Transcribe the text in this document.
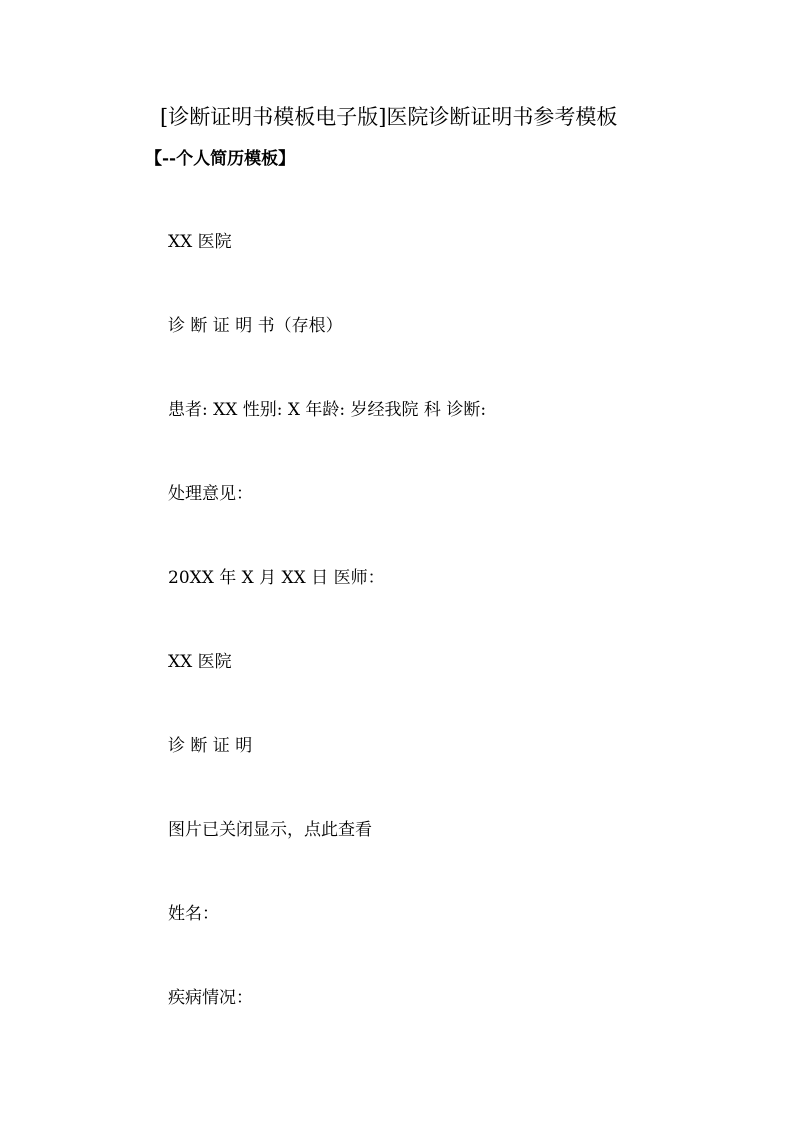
[诊断证明书模板电子版]医院诊断证明书参考模板
【--个人简历模板】
XX 医院
诊 断 证 明 书（存根）
患者: XX 性别: X 年龄: 岁经我院 科 诊断:
处理意见：
20XX 年 X 月 XX 日 医师：
XX 医院
诊 断 证 明
图片已关闭显示，点此查看
姓名：
疾病情况：
